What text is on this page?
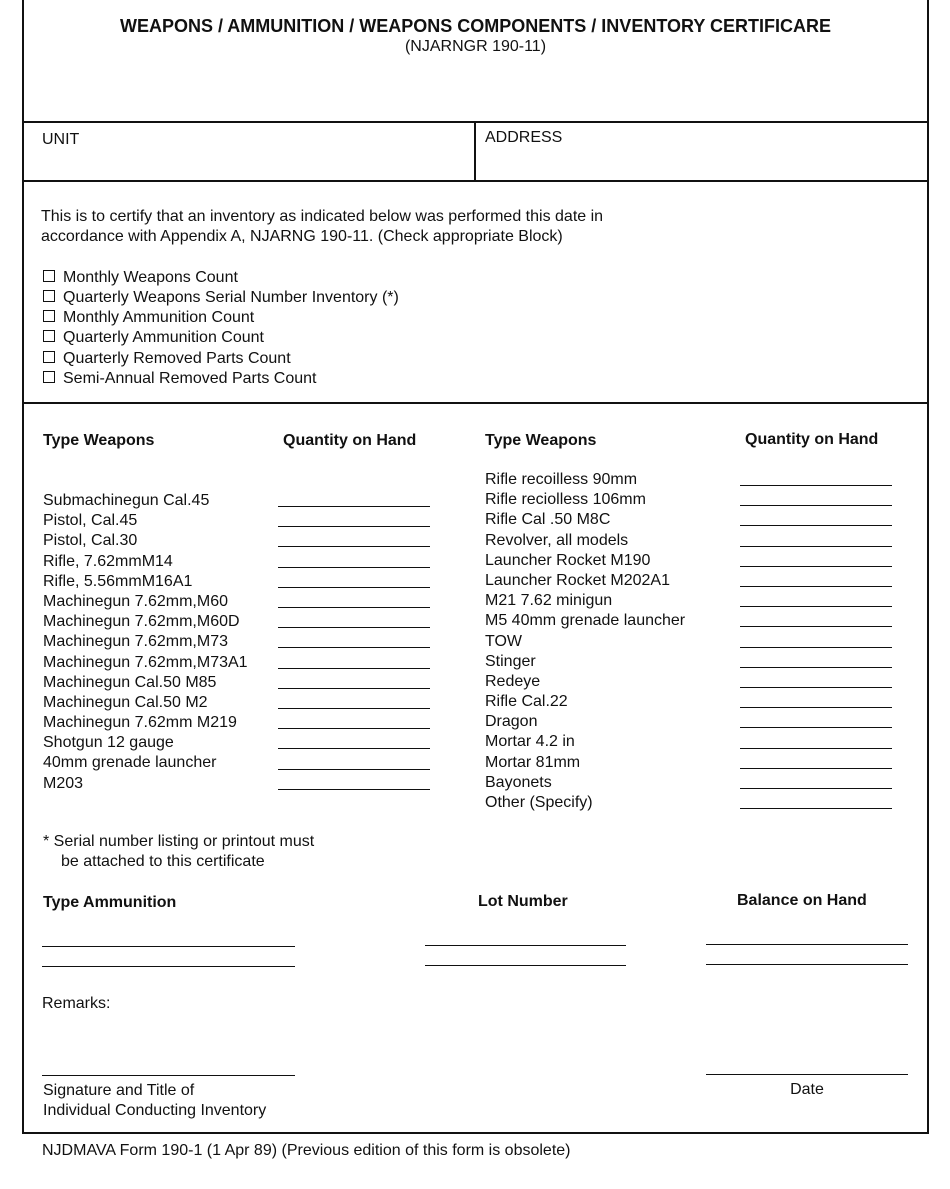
WEAPONS / AMMUNITION / WEAPONS COMPONENTS / INVENTORY CERTIFICARE
(NJARNGR 190-11)
UNIT	ADDRESS
This is to certify that an inventory as indicated below was performed this date in
accordance with Appendix A, NJARNG 190-11. (Check appropriate Block)
Monthly Weapons Count
Quarterly Weapons Serial Number Inventory (*)
Monthly Ammunition Count
Quarterly Ammunition Count
Quarterly Removed Parts Count
Semi-Annual Removed Parts Count
Type Weapons	Quantity on Hand	Type Weapons	Quantity on Hand
Submachinegun Cal.45
Pistol, Cal.45
Pistol, Cal.30
Rifle, 7.62mmM14
Rifle, 5.56mmM16A1
Machinegun 7.62mm,M60
Machinegun 7.62mm,M60D
Machinegun 7.62mm,M73
Machinegun 7.62mm,M73A1
Machinegun Cal.50 M85
Machinegun Cal.50 M2
Machinegun 7.62mm M219
Shotgun 12 gauge
40mm grenade launcher
M203
Rifle recoilless 90mm
Rifle reciolless 106mm
Rifle Cal .50 M8C
Revolver, all models
Launcher Rocket M190
Launcher Rocket M202A1
M21 7.62 minigun
M5 40mm grenade launcher
TOW
Stinger
Redeye
Rifle Cal.22
Dragon
Mortar 4.2 in
Mortar 81mm
Bayonets
Other (Specify)
* Serial number listing or printout must
be attached to this certificate
Type Ammunition	Lot Number	Balance on Hand
Remarks:
Signature and Title of
Individual Conducting Inventory
Date
NJDMAVA Form 190-1 (1 Apr 89) (Previous edition of this form is obsolete)
